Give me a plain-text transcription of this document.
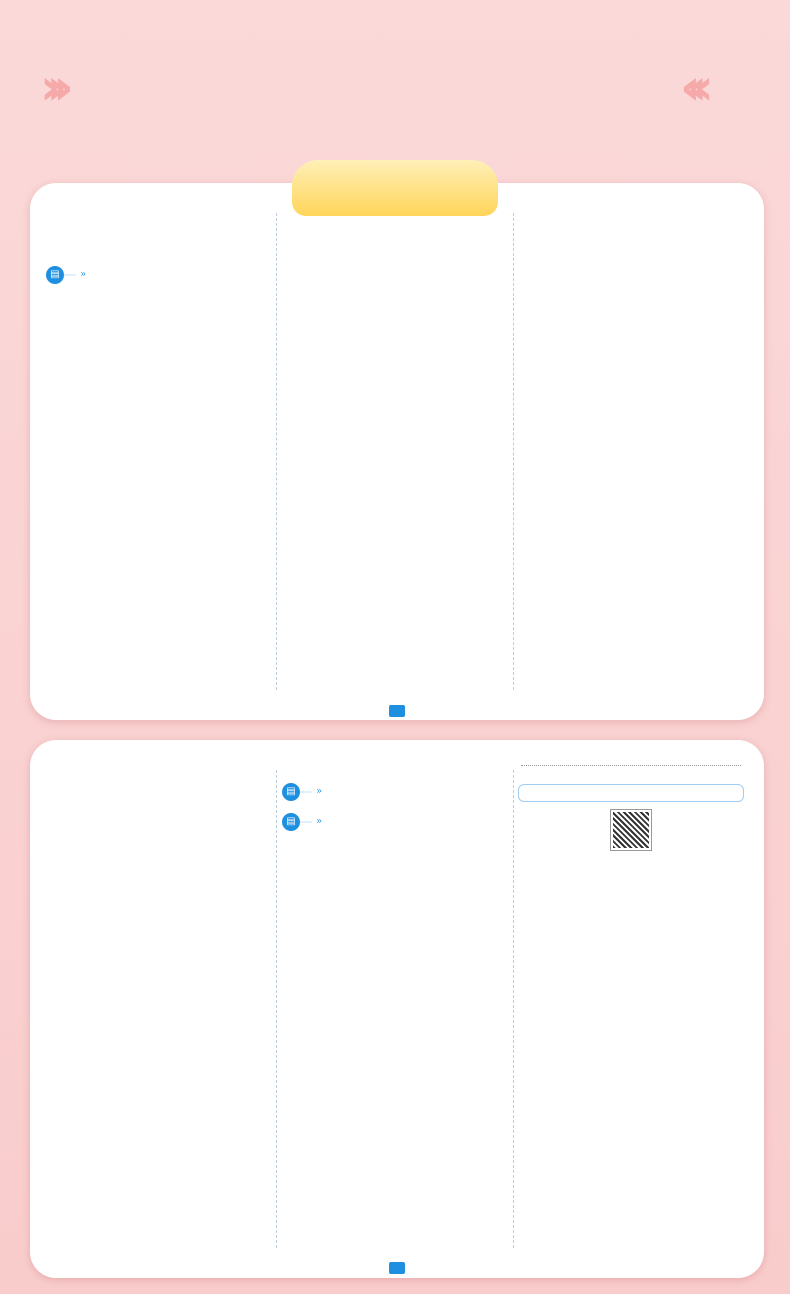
›››	‹‹‹
▤	»
▤	»
▤	»
